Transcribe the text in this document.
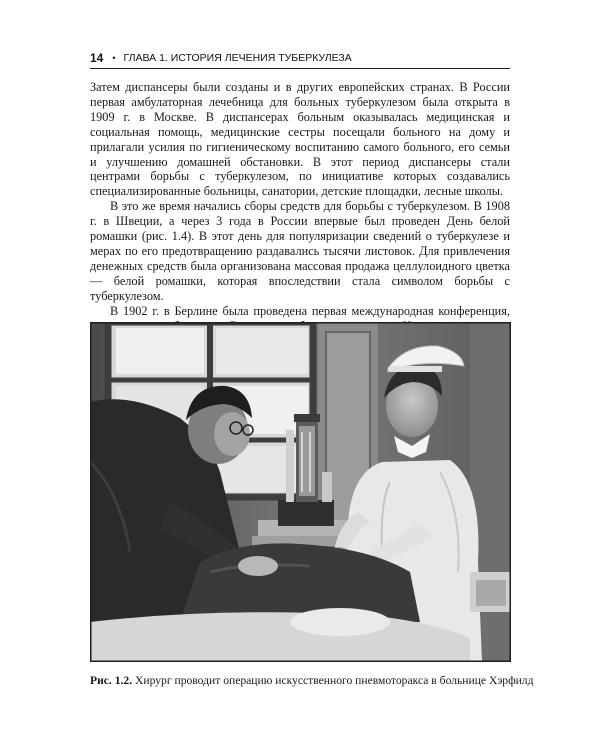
14 • ГЛАВА 1. ИСТОРИЯ ЛЕЧЕНИЯ ТУБЕРКУЛЕЗА

Затем диспансеры были созданы и в других европейских странах. В России первая амбулаторная лечебница для больных туберкулезом была открыта в 1909 г. в Москве. В диспансерах больным оказывалась медицинская и социальная помощь, медицинские сестры посещали больного на дому и прилагали усилия по гигиеническому воспитанию самого больного, его семьи и улучшению домашней обстановки. В этот период диспансеры стали центрами борьбы с туберкулезом, по инициативе которых создавались специализированные больницы, санатории, детские площадки, лесные школы.

В это же время начались сборы средств для борьбы с туберкулезом. В 1908 г. в Швеции, а через 3 года в России впервые был проведен День белой ромашки (рис. 1.4). В этот день для популяризации сведений о туберкулезе и мерах по его предотвращению раздавались тысячи листовок. Для привлечения денежных средств была организована массовая продажа целлулоидного цветка — белой ромашки, которая впоследствии стала символом борьбы с туберкулезом.

В 1902 г. в Берлине была проведена первая международная конференция,

Рис. 1.2. Хирург проводит операцию искусственного пневмоторакса в больнице Хэрфилд
